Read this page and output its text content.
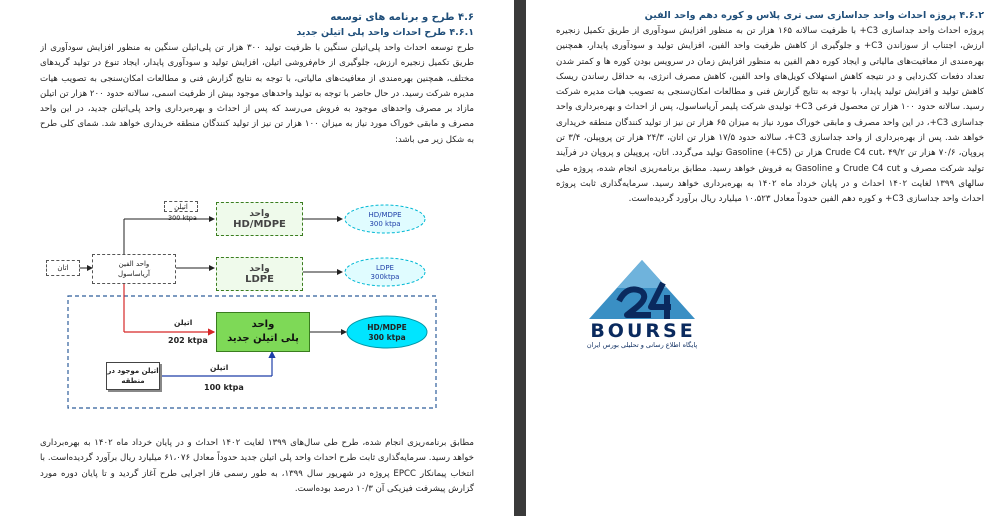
۴.۶ طرح و برنامه های توسعه
۴.۶.۱ طرح احداث واحد پلی اتیلن جدید
طرح توسعه احداث واحد پلی‌اتیلن سنگین با ظرفیت تولید ۳۰۰ هزار تن پلی‌اتیلن سنگین به منظور افزایش سودآوری از طریق تکمیل زنجیره ارزش، جلوگیری از خام‌فروشی اتیلن، افزایش تولید و سودآوری پایدار، ایجاد تنوع در تولید گریدهای مختلف، همچنین بهره‌مندی از معافیت‌های مالیاتی، با توجه به نتایج گزارش فنی و مطالعات امکان‌سنجی به تصویب هیات مدیره شرکت رسید. در حال حاضر با توجه به تولید واحدهای موجود بیش از ظرفیت اسمی، سالانه حدود ۲۰۰ هزار تن اتیلن مازاد بر مصرف واحدهای موجود به فروش می‌رسد که پس از احداث و بهره‌برداری واحد پلی‌اتیلن جدید، در این واحد مصرف و مابقی خوراک مورد نیاز به میزان ۱۰۰ هزار تن نیز از تولید کنندگان منطقه خریداری خواهد شد. شمای کلی طرح به شکل زیر می باشد:
اتان	واحد الفین
آریاساسول
اتیلن
300 ktpa	واحد
HD/MDPE
واحد
LDPE
HD/MDPE
300 ktpa
LDPE
300ktpa
اتیلن
202 ktpa
واحد
پلی اتیلن جدید
HD/MDPE
300 ktpa
اتیلن موجود در
منطقه
اتیلن
100 ktpa
مطابق برنامه‌ریزی انجام شده، طرح طی سال‌های ۱۳۹۹ لغایت ۱۴۰۲ احداث و در پایان خرداد ماه ۱۴۰۲ به بهره‌برداری خواهد رسید. سرمایه‌گذاری ثابت طرح احداث واحد پلی اتیلن جدید حدوداً معادل ۶۱،۰۷۶ میلیارد ریال برآورد گردیده‌است. با انتخاب پیمانکار EPCC پروژه در شهریور سال ۱۳۹۹، به طور رسمی فاز اجرایی طرح آغاز گردید و تا پایان دوره مورد گزارش پیشرفت فیزیکی آن ۱۰/۳ درصد بوده‌است.
۴.۶.۲ پروژه احداث واحد جداسازی سی تری پلاس و کوره دهم واحد الفین
پروژه احداث واحد جداسازی C3+ با ظرفیت سالانه ۱۶۵ هزار تن به منظور افزایش سودآوری از طریق تکمیل زنجیره ارزش، اجتناب از سوزاندن C3+ و جلوگیری از کاهش ظرفیت واحد الفین، افزایش تولید و سودآوری پایدار، همچنین بهره‌مندی از معافیت‌های مالیاتی و ایجاد کوره دهم الفین به منظور افزایش زمان در سرویس بودن کوره ها و کمتر شدن تعداد دفعات کک‌زدایی و در نتیجه کاهش استهلاک کویل‌های واحد الفین، کاهش مصرف انرژی، به حداقل رساندن ریسک کاهش تولید و افزایش تولید پایدار، با توجه به نتایج گزارش فنی و مطالعات امکان‌سنجی به تصویب هیات مدیره شرکت رسید. سالانه حدود ۱۰۰ هزار تن محصول فرعی C3+ تولیدی شرکت پلیمر آریاساسول، پس از احداث و بهره‌برداری واحد جداسازی C3+، در این واحد مصرف و مابقی خوراک مورد نیاز به میزان ۶۵ هزار تن نیز از تولید کنندگان منطقه خریداری خواهد شد. پس از بهره‌برداری از واحد جداسازی C3+، سالانه حدود ۱۷/۵ هزار تن اتان، ۲۴/۳ هزار تن پروپیلن، ۳/۴ تن پروپان، ۷۰/۶ هزار تن Crude C4 cut، ۴۹/۲ هزار تن (C5+) Gasoline تولید می‌گردد. اتان، پروپیلن و پروپان در فرآیند تولید شرکت مصرف و Crude C4 cut و Gasoline به فروش خواهد رسید. مطابق برنامه‌ریزی انجام شده، پروژه طی سالهای ۱۳۹۹ لغایت ۱۴۰۲ احداث و در پایان خرداد ماه ۱۴۰۲ به بهره‌برداری خواهد رسید. سرمایه‌گذاری ثابت پروژه احداث واحد جداسازی C3+ و کوره دهم الفین حدوداً معادل ۱۰،۵۲۳ میلیارد ریال برآورد گردیده‌است.
BOURSE
پایگاه اطلاع رسانی و تحلیلی بورس ایران
